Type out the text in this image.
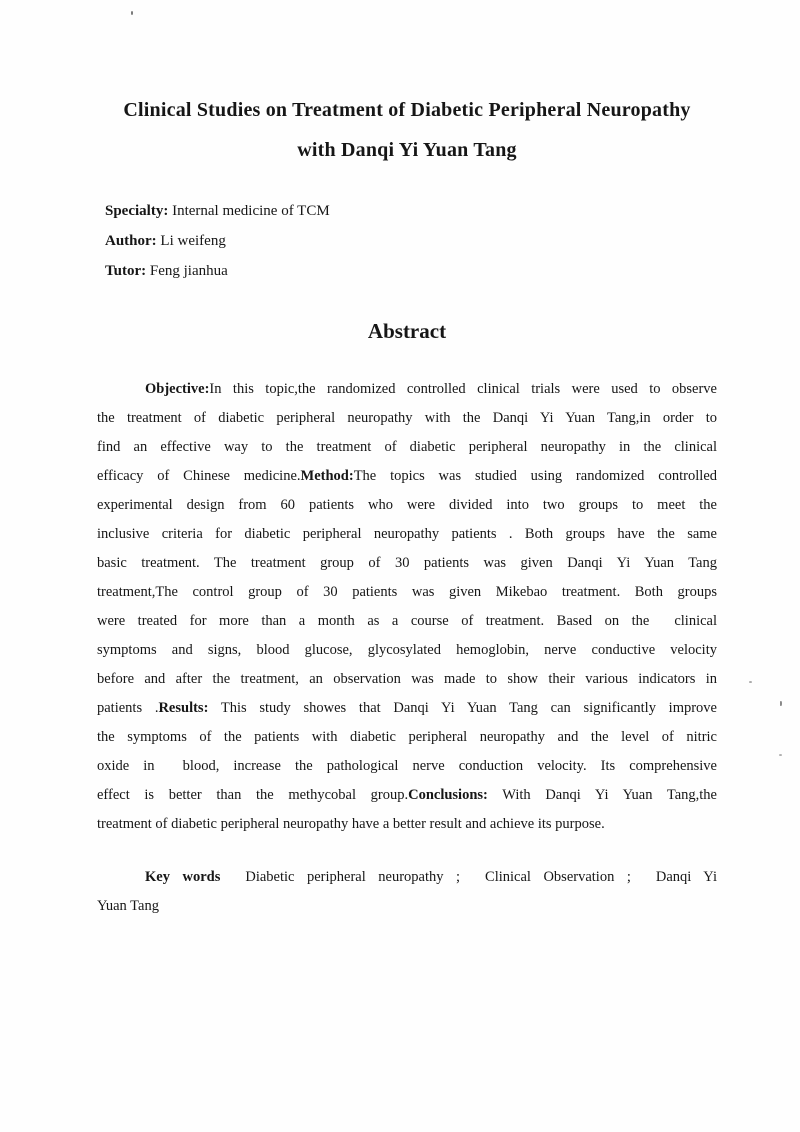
Clinical Studies on Treatment of Diabetic Peripheral Neuropathy
with Danqi Yi Yuan Tang
Specialty: Internal medicine of TCM
Author: Li weifeng
Tutor: Feng jianhua
Abstract
Objective:In this topic,the randomized controlled clinical trials were used to observe
the treatment of diabetic peripheral neuropathy with the Danqi Yi Yuan Tang,in order to
find an effective way to the treatment of diabetic peripheral neuropathy in the clinical
efficacy of Chinese medicine.Method:The topics was studied using randomized controlled
experimental design from 60 patients who were divided into two groups to meet the
inclusive criteria for diabetic peripheral neuropathy patients . Both groups have the same
basic treatment. The treatment group of 30 patients was given Danqi Yi Yuan Tang
treatment,The control group of 30 patients was given Mikebao treatment. Both groups
were treated for more than a month as a course of treatment. Based on the  clinical
symptoms and signs, blood glucose, glycosylated hemoglobin, nerve conductive velocity
before and after the treatment, an observation was made to show their various indicators in
patients .Results: This study showes that Danqi Yi Yuan Tang can significantly improve
the symptoms of the patients with diabetic peripheral neuropathy and the level of nitric
oxide in  blood, increase the pathological nerve conduction velocity. Its comprehensive
effect is better than the methycobal group.Conclusions: With Danqi Yi Yuan Tang,the
treatment of diabetic peripheral neuropathy have a better result and achieve its purpose.
Key words  Diabetic peripheral neuropathy ;  Clinical Observation ;  Danqi Yi
Yuan Tang
